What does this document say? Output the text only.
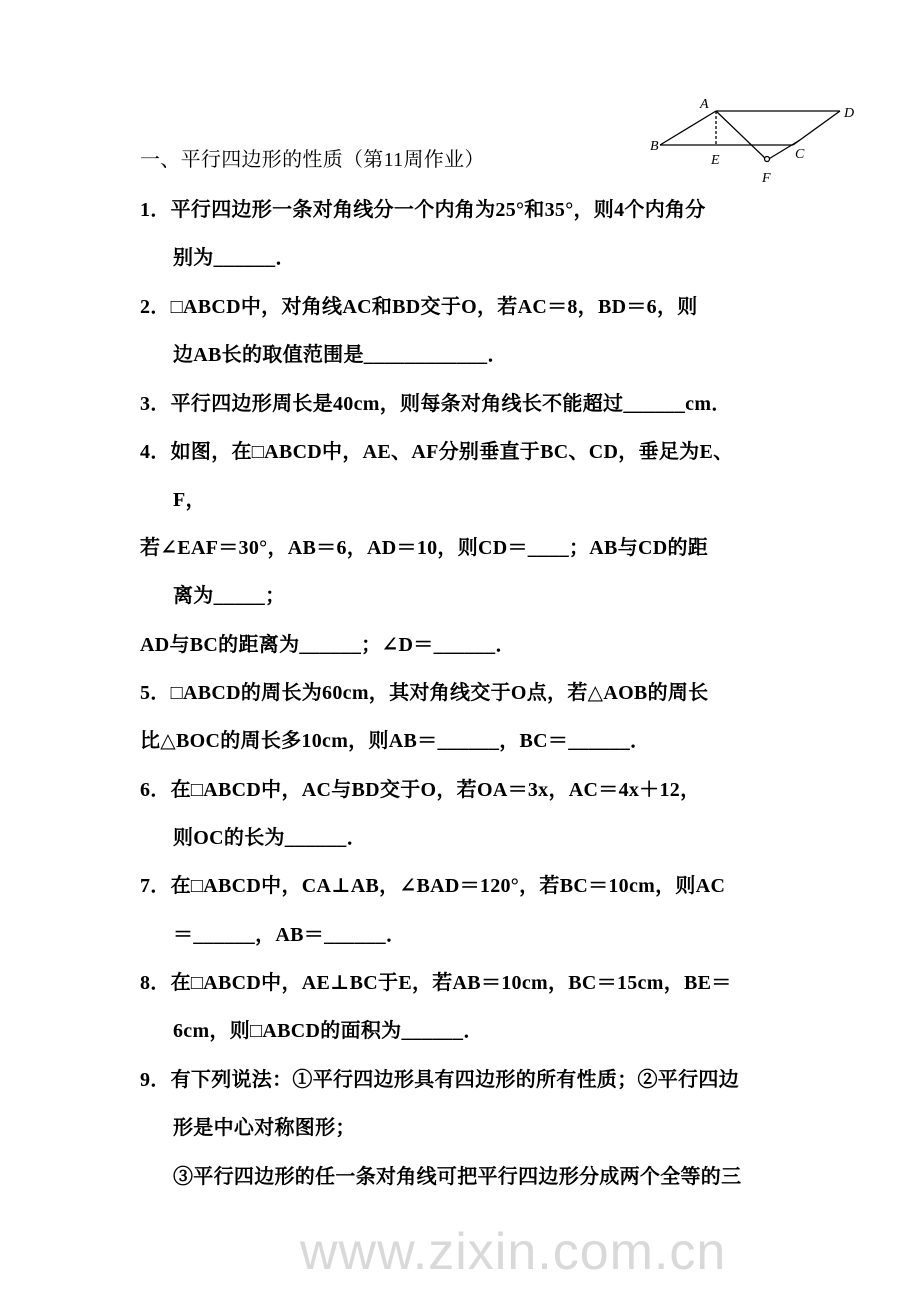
www.zixin.com.cn
A
D
B
E	C
F
一、平行四边形的性质（第11周作业）
1．平行四边形一条对角线分一个内角为25°和35°，则4个内角分
别为______．
2．□ABCD中，对角线AC和BD交于O，若AC＝8，BD＝6，则
边AB长的取值范围是____________．
3．平行四边形周长是40cm，则每条对角线长不能超过______cm．
4．如图，在□ABCD中，AE、AF分别垂直于BC、CD，垂足为E、
F，
若∠EAF＝30°，AB＝6，AD＝10，则CD＝____；AB与CD的距
离为_____；
AD与BC的距离为______；∠D＝______．
5．□ABCD的周长为60cm，其对角线交于O点，若△AOB的周长
比△BOC的周长多10cm，则AB＝______，BC＝______．
6．在□ABCD中，AC与BD交于O，若OA＝3x，AC＝4x＋12，
则OC的长为______．
7．在□ABCD中，CA⊥AB，∠BAD＝120°，若BC＝10cm，则AC
＝______，AB＝______．
8．在□ABCD中，AE⊥BC于E，若AB＝10cm，BC＝15cm，BE＝
6cm，则□ABCD的面积为______．
9．有下列说法：①平行四边形具有四边形的所有性质；②平行四边
形是中心对称图形；
③平行四边形的任一条对角线可把平行四边形分成两个全等的三
